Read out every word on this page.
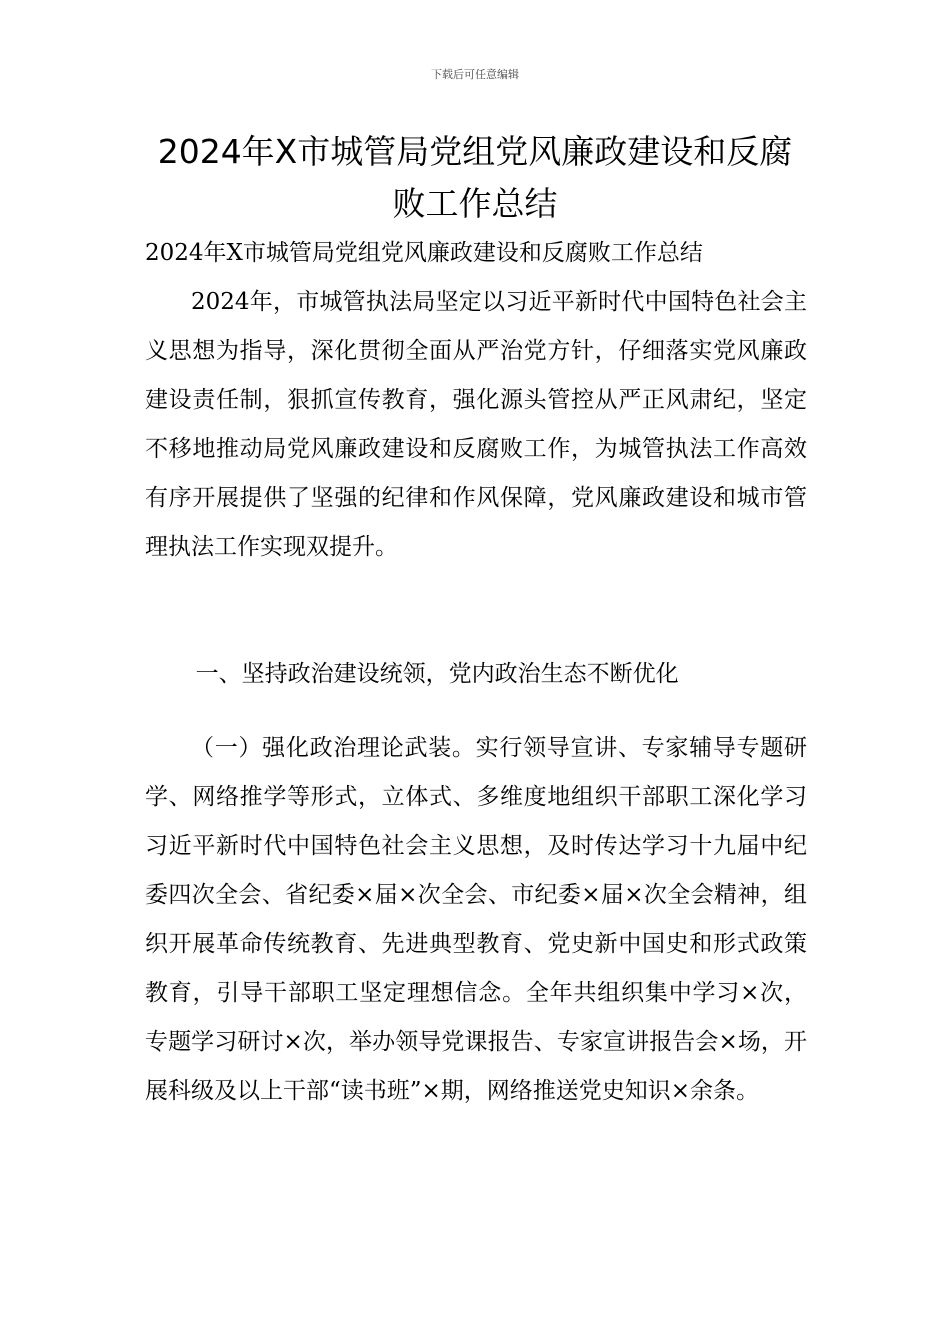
下载后可任意编辑
2024年X市城管局党组党风廉政建设和反腐败工作总结

2024年X市城管局党组党风廉政建设和反腐败工作总结

2024年，市城管执法局坚定以习近平新时代中国特色社会主义思想为指导，深化贯彻全面从严治党方针，仔细落实党风廉政建设责任制，狠抓宣传教育，强化源头管控从严正风肃纪，坚定不移地推动局党风廉政建设和反腐败工作，为城管执法工作高效有序开展提供了坚强的纪律和作风保障，党风廉政建设和城市管理执法工作实现双提升。

一、坚持政治建设统领，党内政治生态不断优化

（一）强化政治理论武装。实行领导宣讲、专家辅导专题研学、网络推学等形式，立体式、多维度地组织干部职工深化学习习近平新时代中国特色社会主义思想，及时传达学习十九届中纪委四次全会、省纪委×届×次全会、市纪委×届×次全会精神，组织开展革命传统教育、先进典型教育、党史新中国史和形式政策教育，引导干部职工坚定理想信念。全年共组织集中学习×次，专题学习研讨×次，举办领导党课报告、专家宣讲报告会×场，开展科级及以上干部“读书班”×期，网络推送党史知识×余条。
